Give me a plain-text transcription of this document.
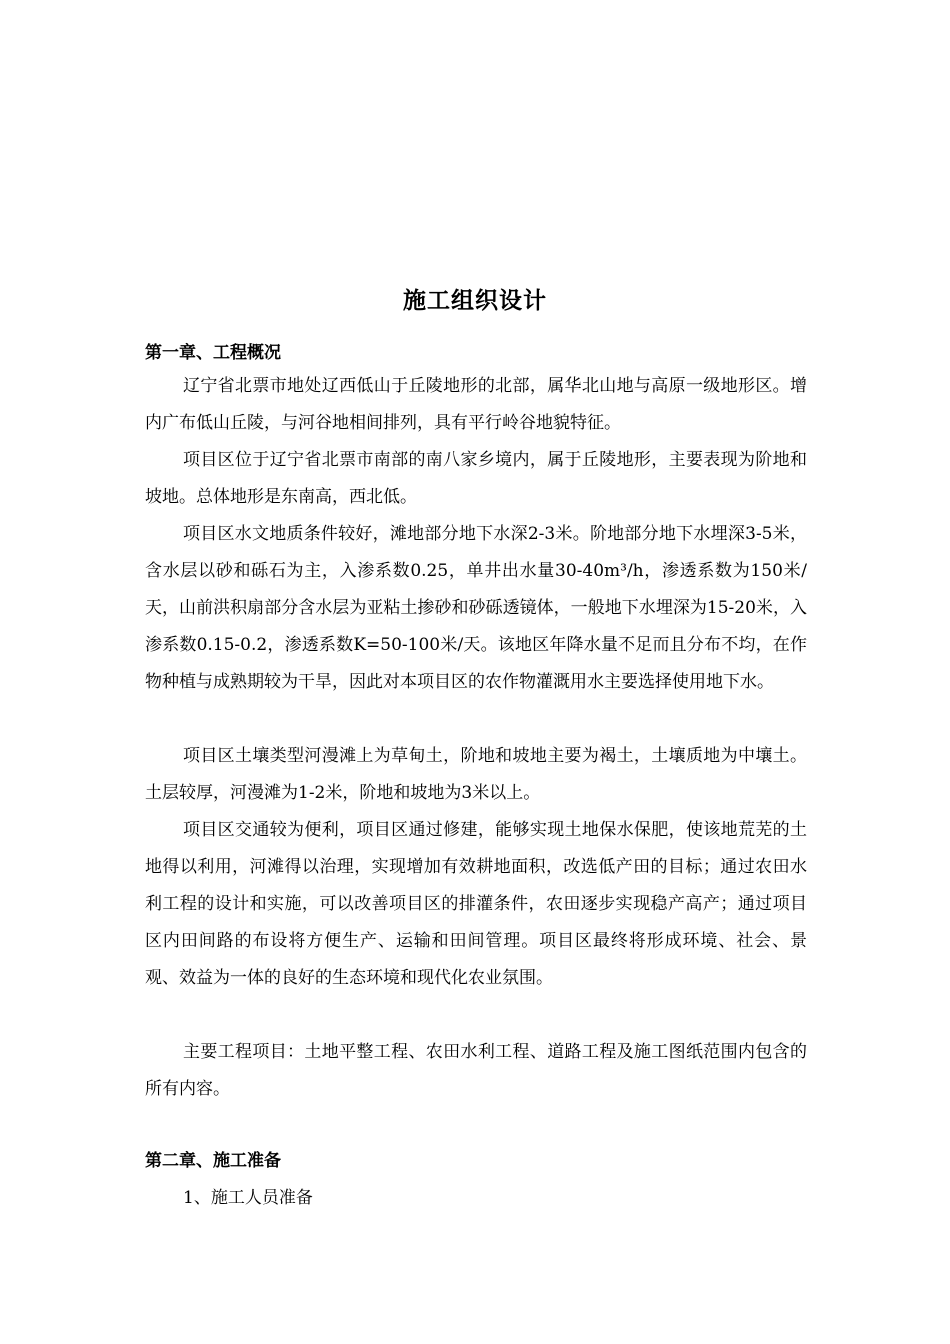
施工组织设计
第一章、工程概况
辽宁省北票市地处辽西低山于丘陵地形的北部，属华北山地与高原一级地形区。增内广布低山丘陵，与河谷地相间排列，具有平行岭谷地貌特征。
项目区位于辽宁省北票市南部的南八家乡境内，属于丘陵地形，主要表现为阶地和坡地。总体地形是东南高，西北低。
项目区水文地质条件较好，滩地部分地下水深2-3米。阶地部分地下水埋深3-5米，含水层以砂和砾石为主，入渗系数0.25，单井出水量30-40m³/h，渗透系数为150米/天，山前洪积扇部分含水层为亚粘土掺砂和砂砾透镜体，一般地下水埋深为15-20米，入渗系数0.15-0.2，渗透系数K=50-100米/天。该地区年降水量不足而且分布不均，在作物种植与成熟期较为干旱，因此对本项目区的农作物灌溉用水主要选择使用地下水。
项目区土壤类型河漫滩上为草甸土，阶地和坡地主要为褐土，土壤质地为中壤土。土层较厚，河漫滩为1-2米，阶地和坡地为3米以上。
项目区交通较为便利，项目区通过修建，能够实现土地保水保肥，使该地荒芜的土地得以利用，河滩得以治理，实现增加有效耕地面积，改选低产田的目标；通过农田水利工程的设计和实施，可以改善项目区的排灌条件，农田逐步实现稳产高产；通过项目区内田间路的布设将方便生产、运输和田间管理。项目区最终将形成环境、社会、景观、效益为一体的良好的生态环境和现代化农业氛围。
主要工程项目：土地平整工程、农田水利工程、道路工程及施工图纸范围内包含的所有内容。
第二章、施工准备
1、施工人员准备
